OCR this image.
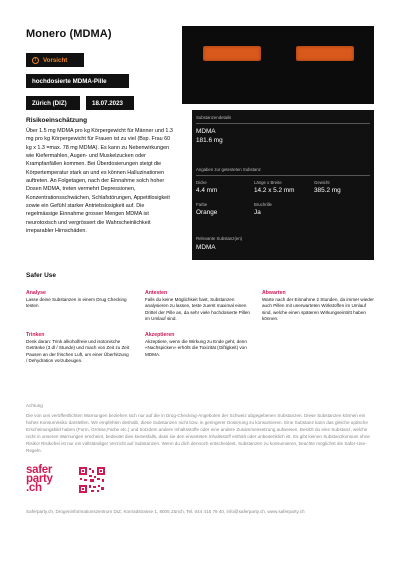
Monero (MDMA)
!	Vorsicht
hochdosierte MDMA-Pille
Zürich (DIZ)	18.07.2023
Risikoeinschätzung
Über 1.5 mg MDMA pro kg Körpergewicht für Männer und 1.3 mg pro kg Körpergewicht für Frauen ist zu viel (Bsp. Frau 60 kg x 1.3 =max. 78 mg MDMA). Es kann zu Nebenwirkungen wie Kiefermahlen, Augen- und Muskelzucken oder Krampfanfällen kommen. Bei Überdosierungen steigt die Körpertemperatur stark an und es können Halluzinationen auftreten. An Folgetagen, nach der Einnahme solch hoher Dosen MDMA, treten vermehrt Depressionen, Konzentrationsschwächen, Schlafstörungen, Appetitlosigkeit sowie ein Gefühl starker Antriebslosigkeit auf. Die regelmässige Einnahme grosser Mengen MDMA ist neurotoxisch und vergrössert die Wahrscheinlichkeit irreparabler Hirnschäden.
Substanzendetails
MDMA
181.6 mg
Angaben zur getesteten Substanz
Dicke
4.4 mm
Länge x Breite
14.2 x 5.2 mm
Gewicht
385.2 mg
Farbe
Orange
Bruchrille
Ja
Relevante Substanz(en)
MDMA
Safer Use
Analyse
Lasse deine Substanzen in einem Drug Checking testen
Antesten
Falls du keine Möglichkeit hast, Substanzen analysieren zu lassen, teste zuerst maximal einen Drittel der Pille an, da sehr viele hochdosierte Pillen im Umlauf sind.
Abwarten
Warte nach der Einnahme 2 Stunden, da immer wieder auch Pillen mit unerwarteten Wirkstoffen im Umlauf sind, welche einen späteren Wirkungseintritt haben können.
Trinken
Denk daran: Trink alkoholfreie und isotonische Getränke (3 dl / Stunde) und mach von Zeit zu Zeit Pausen an der frischen Luft, um einer Überhitzung / Dehydration vorzubeugen.
Akzeptieren
Akzeptiere, wenn die Wirkung zu Ende geht, denn «Nachspicken» erhöht die Toxizität (Giftigkeit) von MDMA.
Achtung
Die von uns veröffentlichten Warnungen beziehen sich nur auf die in Drug-Checking-Angeboten der Schweiz abgegebenen Substanzen. Diese Substanzen können ein hohes Konsumrisiko darstellen. Wir empfehlen deshalb, diese Substanzen nicht bzw. in geringerer Dosierung zu konsumieren. Eine Substanz kann das gleiche optische Erscheinungsbild haben (Form, Grösse,Farbe etc.) und trotzdem andere Inhaltsstoffe oder eine andere Zusammensetzung aufweisen. Besitzt du eine Substanz, welche nicht in unseren Warnungen erscheint, bedeutet dies keinesfalls, dass sie den erwarteten Inhaltsstoff enthält oder unbedenklich ist. Es gibt keinen Substanzkonsum ohne Risiko! Risikofrei ist nur ein vollständiger Verzicht auf Substanzen. Wenn du dich dennoch entscheidest, Substanzen zu konsumieren, beachte möglichst die Safer-Use-Regeln.
safer
party
.ch
Saferparty.ch, Drogeninformationszentrum DIZ, Konradstrasse 1, 8005 Zürich, Tel. 044 415 76 40, info@saferparty.ch, www.saferparty.ch
